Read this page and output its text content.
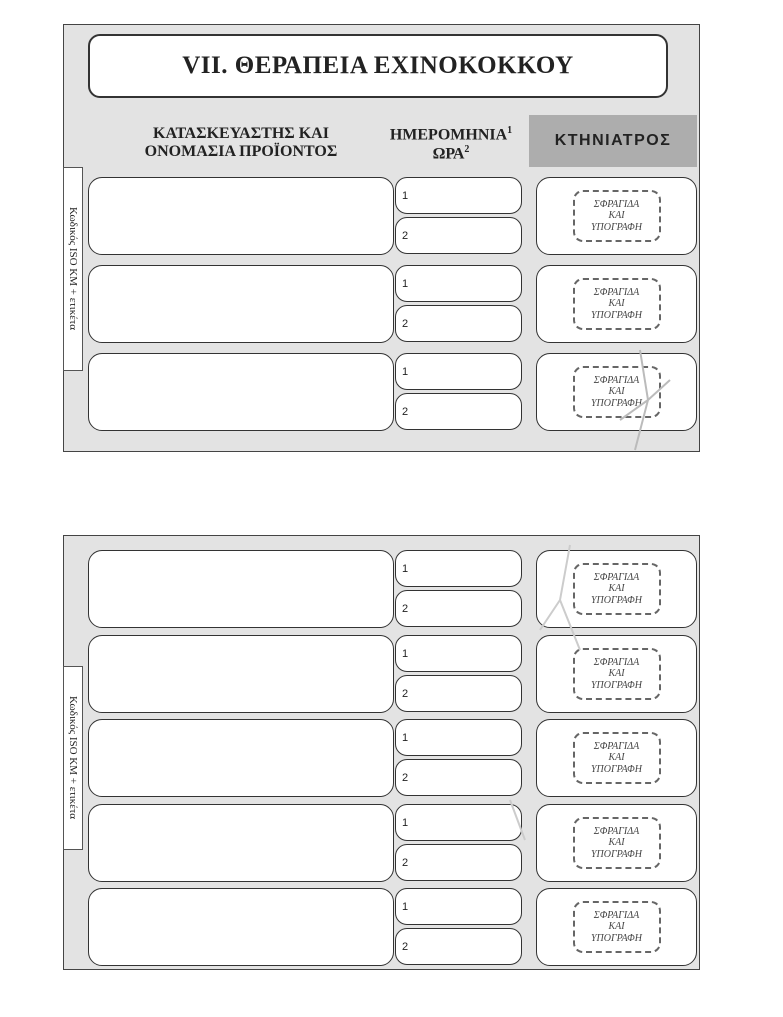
VII. ΘΕΡΑΠΕΙΑ ΕΧΙΝΟΚΟΚΚΟΥ
ΚΑΤΑΣΚΕΥΑΣΤΗΣ ΚΑΙ
ΟΝΟΜΑΣΙΑ ΠΡΟΪΟΝΤΟΣ
ΗΜΕΡΟΜΗΝΙΑ$^1$
ΩΡΑ$^2$
ΚΤΗΝΙΑΤΡΟΣ
Κωδικός ISO ΚΜ + ετικέτα
1
2
ΣΦΡΑΓΙΔΑ
ΚΑΙ
ΥΠΟΓΡΑΦΗ
1
2
ΣΦΡΑΓΙΔΑ
ΚΑΙ
ΥΠΟΓΡΑΦΗ
1
2
ΣΦΡΑΓΙΔΑ
ΚΑΙ
ΥΠΟΓΡΑΦΗ
Κωδικός ISO ΚΜ + ετικέτα
1
2
ΣΦΡΑΓΙΔΑ
ΚΑΙ
ΥΠΟΓΡΑΦΗ
1
2
ΣΦΡΑΓΙΔΑ
ΚΑΙ
ΥΠΟΓΡΑΦΗ
1
2
ΣΦΡΑΓΙΔΑ
ΚΑΙ
ΥΠΟΓΡΑΦΗ
1
2
ΣΦΡΑΓΙΔΑ
ΚΑΙ
ΥΠΟΓΡΑΦΗ
1
2
ΣΦΡΑΓΙΔΑ
ΚΑΙ
ΥΠΟΓΡΑΦΗ
